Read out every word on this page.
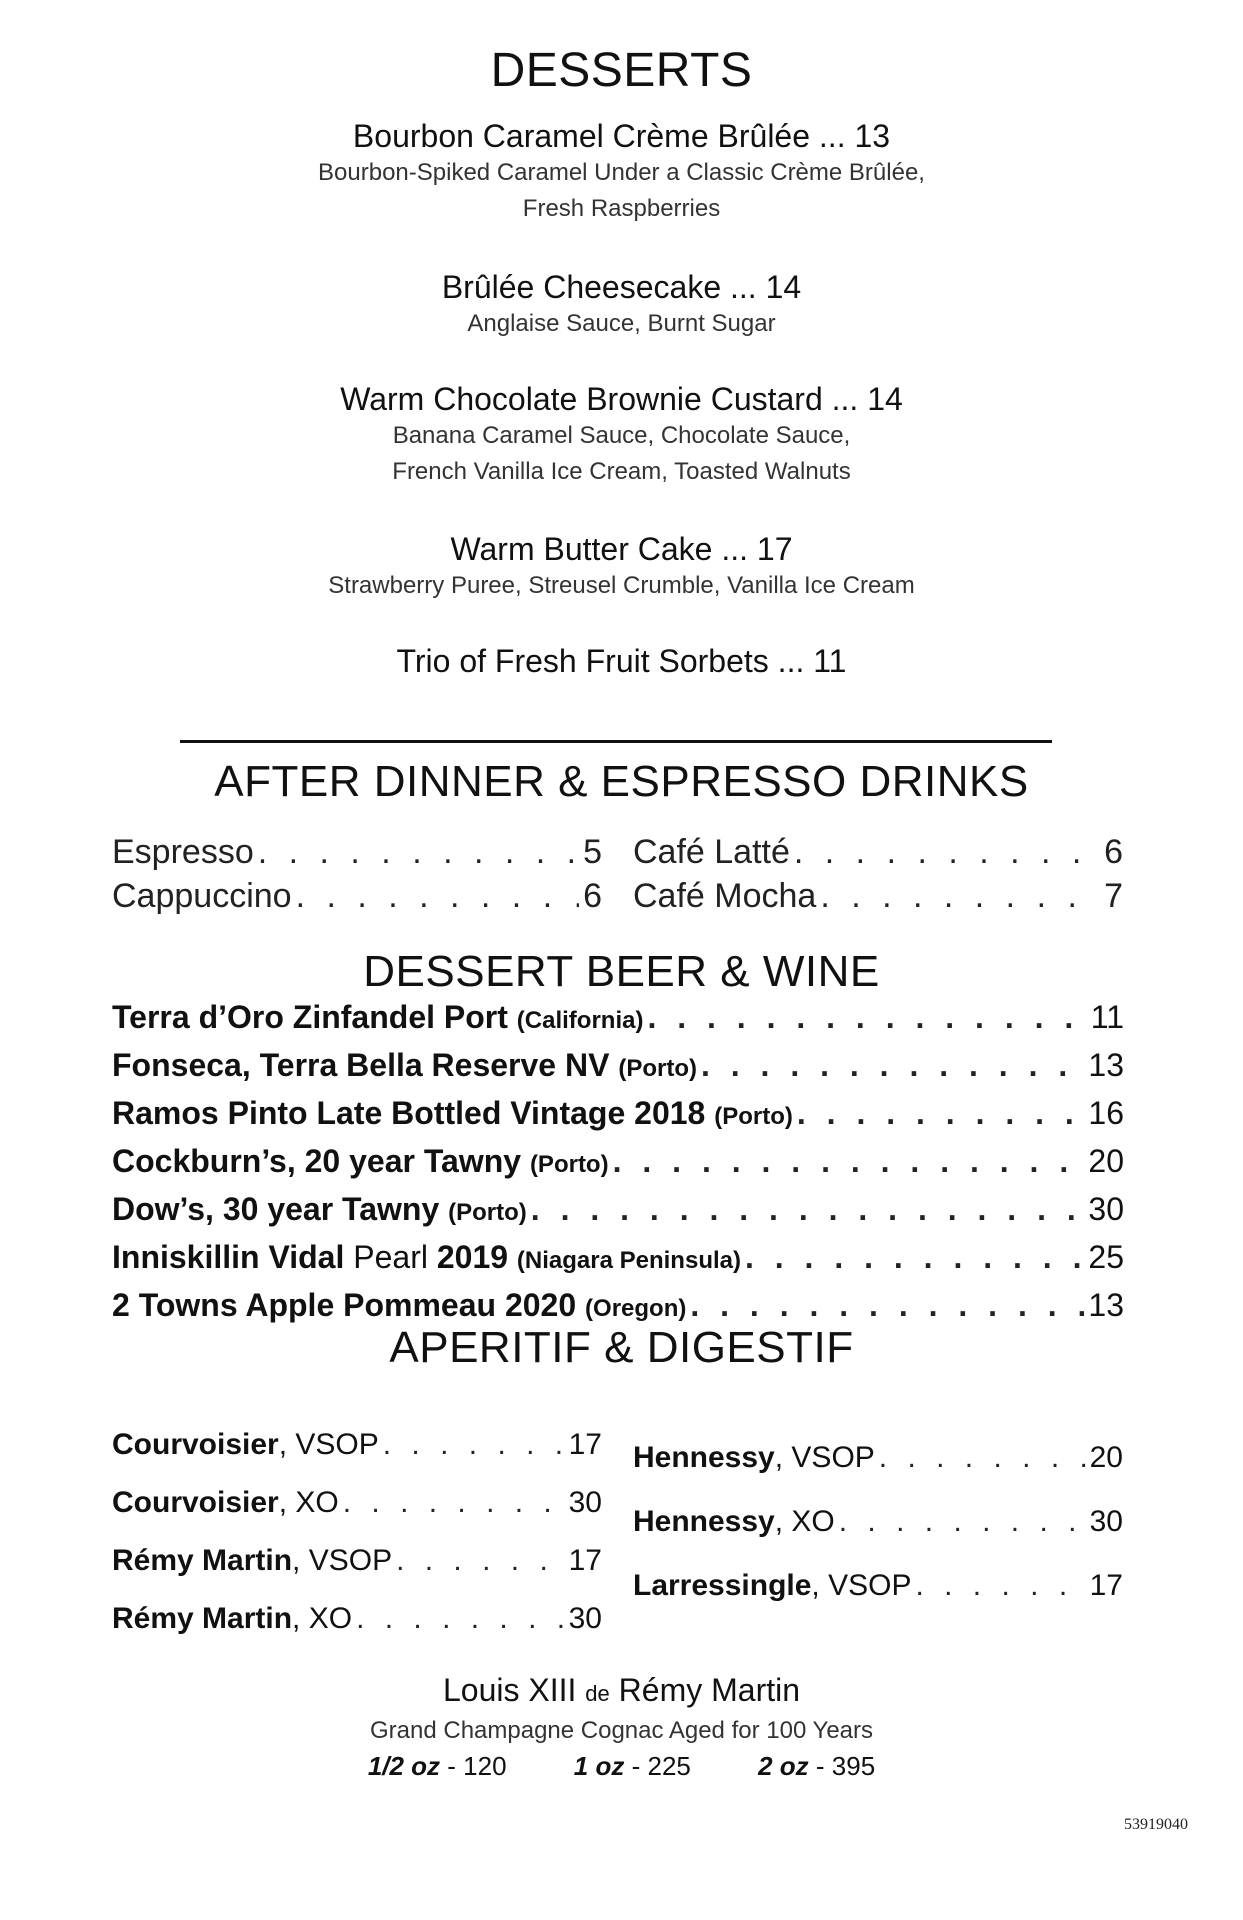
DESSERTS
Bourbon Caramel Crème Brûlée ... 13
Bourbon-Spiked Caramel Under a Classic Crème Brûlée,
Fresh Raspberries
Brûlée Cheesecake ... 14
Anglaise Sauce, Burnt Sugar
Warm Chocolate Brownie Custard ... 14
Banana Caramel Sauce, Chocolate Sauce,
French Vanilla Ice Cream, Toasted Walnuts
Warm Butter Cake ... 17
Strawberry Puree, Streusel Crumble, Vanilla Ice Cream
Trio of Fresh Fruit Sorbets ... 11
AFTER DINNER & ESPRESSO DRINKS
Espresso . . .	5
Cappuccino . . .	6
Café Latté . . .	6
Café Mocha . . .	7
DESSERT BEER & WINE
Terra d’Oro Zinfandel Port (California) . . .	11
Fonseca, Terra Bella Reserve NV (Porto) . . .	13
Ramos Pinto Late Bottled Vintage 2018 (Porto) . . .	16
Cockburn’s, 20 year Tawny (Porto) . . .	20
Dow’s, 30 year Tawny (Porto) . . .	30
Inniskillin Vidal Pearl 2019 (Niagara Peninsula) . . .	25
2 Towns Apple Pommeau 2020 (Oregon) . . .	13
APERITIF & DIGESTIF
Courvoisier, VSOP . . .	17
Courvoisier, XO . . .	30
Rémy Martin, VSOP . . .	17
Rémy Martin, XO . . .	30
Hennessy, VSOP . . .	20
Hennessy, XO . . .	30
Larressingle, VSOP . . .	17
Louis XIII de Rémy Martin
Grand Champagne Cognac Aged for 100 Years
1/2 oz - 120	1 oz - 225	2 oz - 395
53919040
